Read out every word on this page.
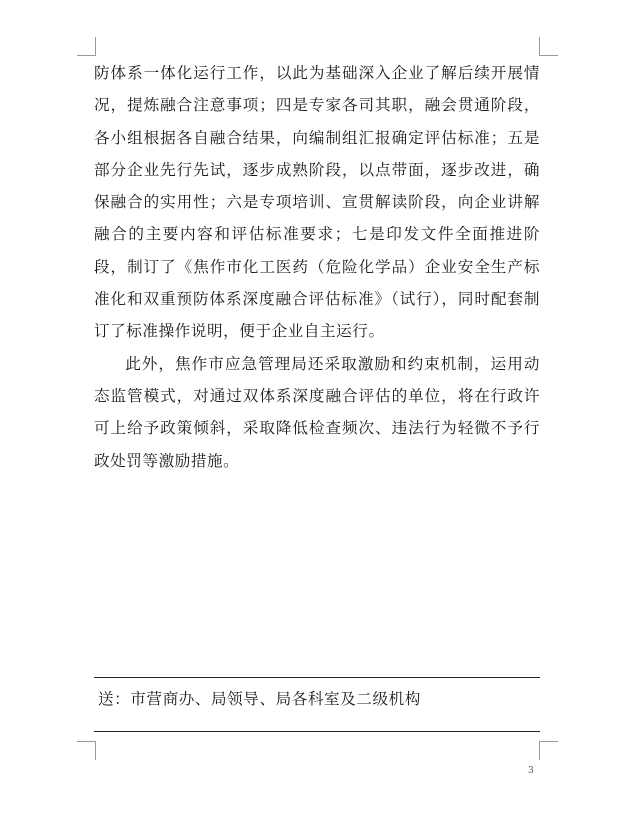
防体系一体化运行工作，以此为基础深入企业了解后续开展情况，提炼融合注意事项；四是专家各司其职，融会贯通阶段，各小组根据各自融合结果，向编制组汇报确定评估标准；五是部分企业先行先试，逐步成熟阶段，以点带面，逐步改进，确保融合的实用性；六是专项培训、宣贯解读阶段，向企业讲解融合的主要内容和评估标准要求；七是印发文件全面推进阶段，制订了《焦作市化工医药（危险化学品）企业安全生产标准化和双重预防体系深度融合评估标准》（试行），同时配套制订了标准操作说明，便于企业自主运行。

此外，焦作市应急管理局还采取激励和约束机制，运用动态监管模式，对通过双体系深度融合评估的单位，将在行政许可上给予政策倾斜，采取降低检查频次、违法行为轻微不予行政处罚等激励措施。

送：市营商办、局领导、局各科室及二级机构
3
